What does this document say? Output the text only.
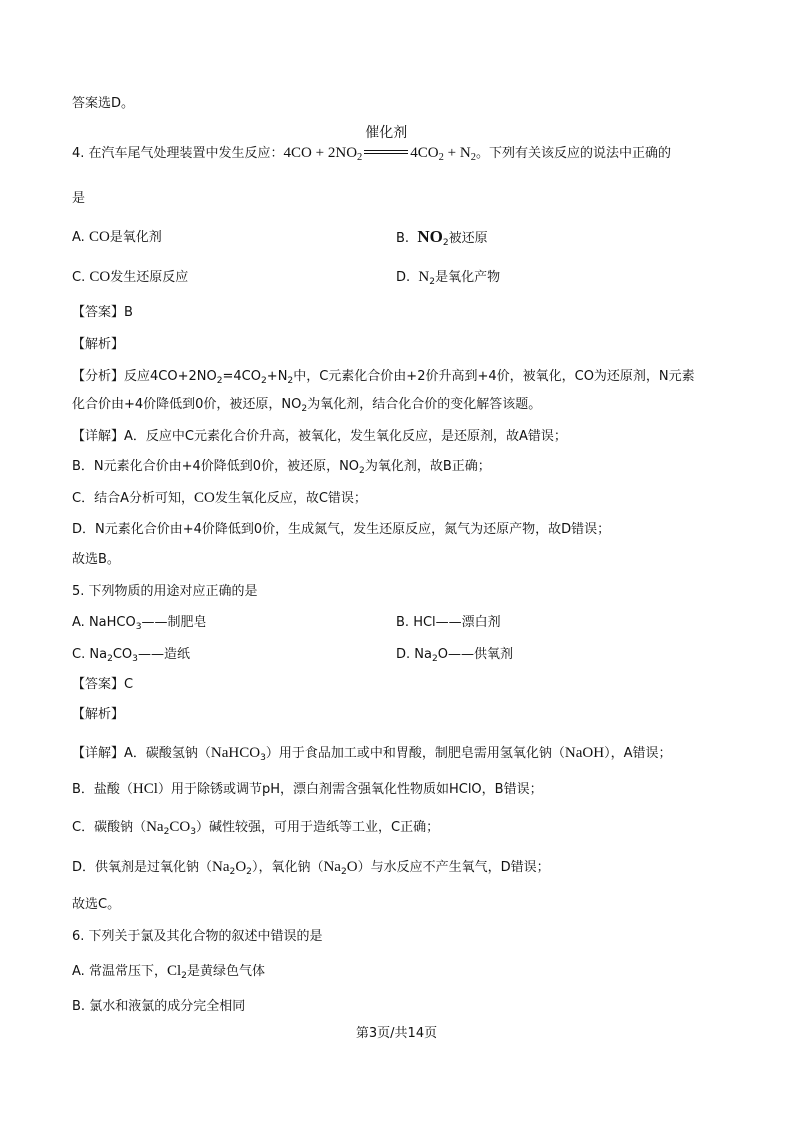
答案选D。
4. 在汽车尾气处理装置中发生反应：$4CO + 2NO_2$
催化剂
$4CO_2 + N_2$。下列有关该反应的说法中正确的
是
A. CO是氧化剂	B. $NO_2$被还原
C. CO发生还原反应	D. $N_2$是氧化产物
【答案】B
【解析】
【分析】反应$4CO+2NO_2=4CO_2+N_2$中，C元素化合价由+2价升高到+4价，被氧化，CO为还原剂，N元素
化合价由+4价降低到0价，被还原，$NO_2$为氧化剂，结合化合价的变化解答该题。
【详解】A．反应中C元素化合价升高，被氧化，发生氧化反应，是还原剂，故A错误；
B．N元素化合价由+4价降低到0价，被还原，$NO_2$为氧化剂，故B正确；
C．结合A分析可知，CO发生氧化反应，故C错误；
D．N元素化合价由+4价降低到0价，生成氮气，发生还原反应，氮气为还原产物，故D错误；
故选B。
5. 下列物质的用途对应正确的是
A. NaHCO$_3$——制肥皂	B. HCl——漂白剂
C. $Na_2CO_3——$造纸	D. $Na_2O——$供氧剂
【答案】C
【解析】
【详解】A．碳酸氢钠（NaHCO$_3$）用于食品加工或中和胃酸，制肥皂需用氢氧化钠（NaOH），A错误；
B．盐酸（HCl）用于除锈或调节pH，漂白剂需含强氧化性物质如HClO，B错误；
C．碳酸钠$(Na_2CO_3)$碱性较强，可用于造纸等工业，C正确；
D．供氧剂是过氧化钠$(Na_2O_2)$，氧化钠$(Na_2O)$与水反应不产生氧气，D错误；
故选C。
6. 下列关于氯及其化合物的叙述中错误的是
A. 常温常压下，$Cl_2$是黄绿色气体
B. 氯水和液氯的成分完全相同
第3页/共14页
